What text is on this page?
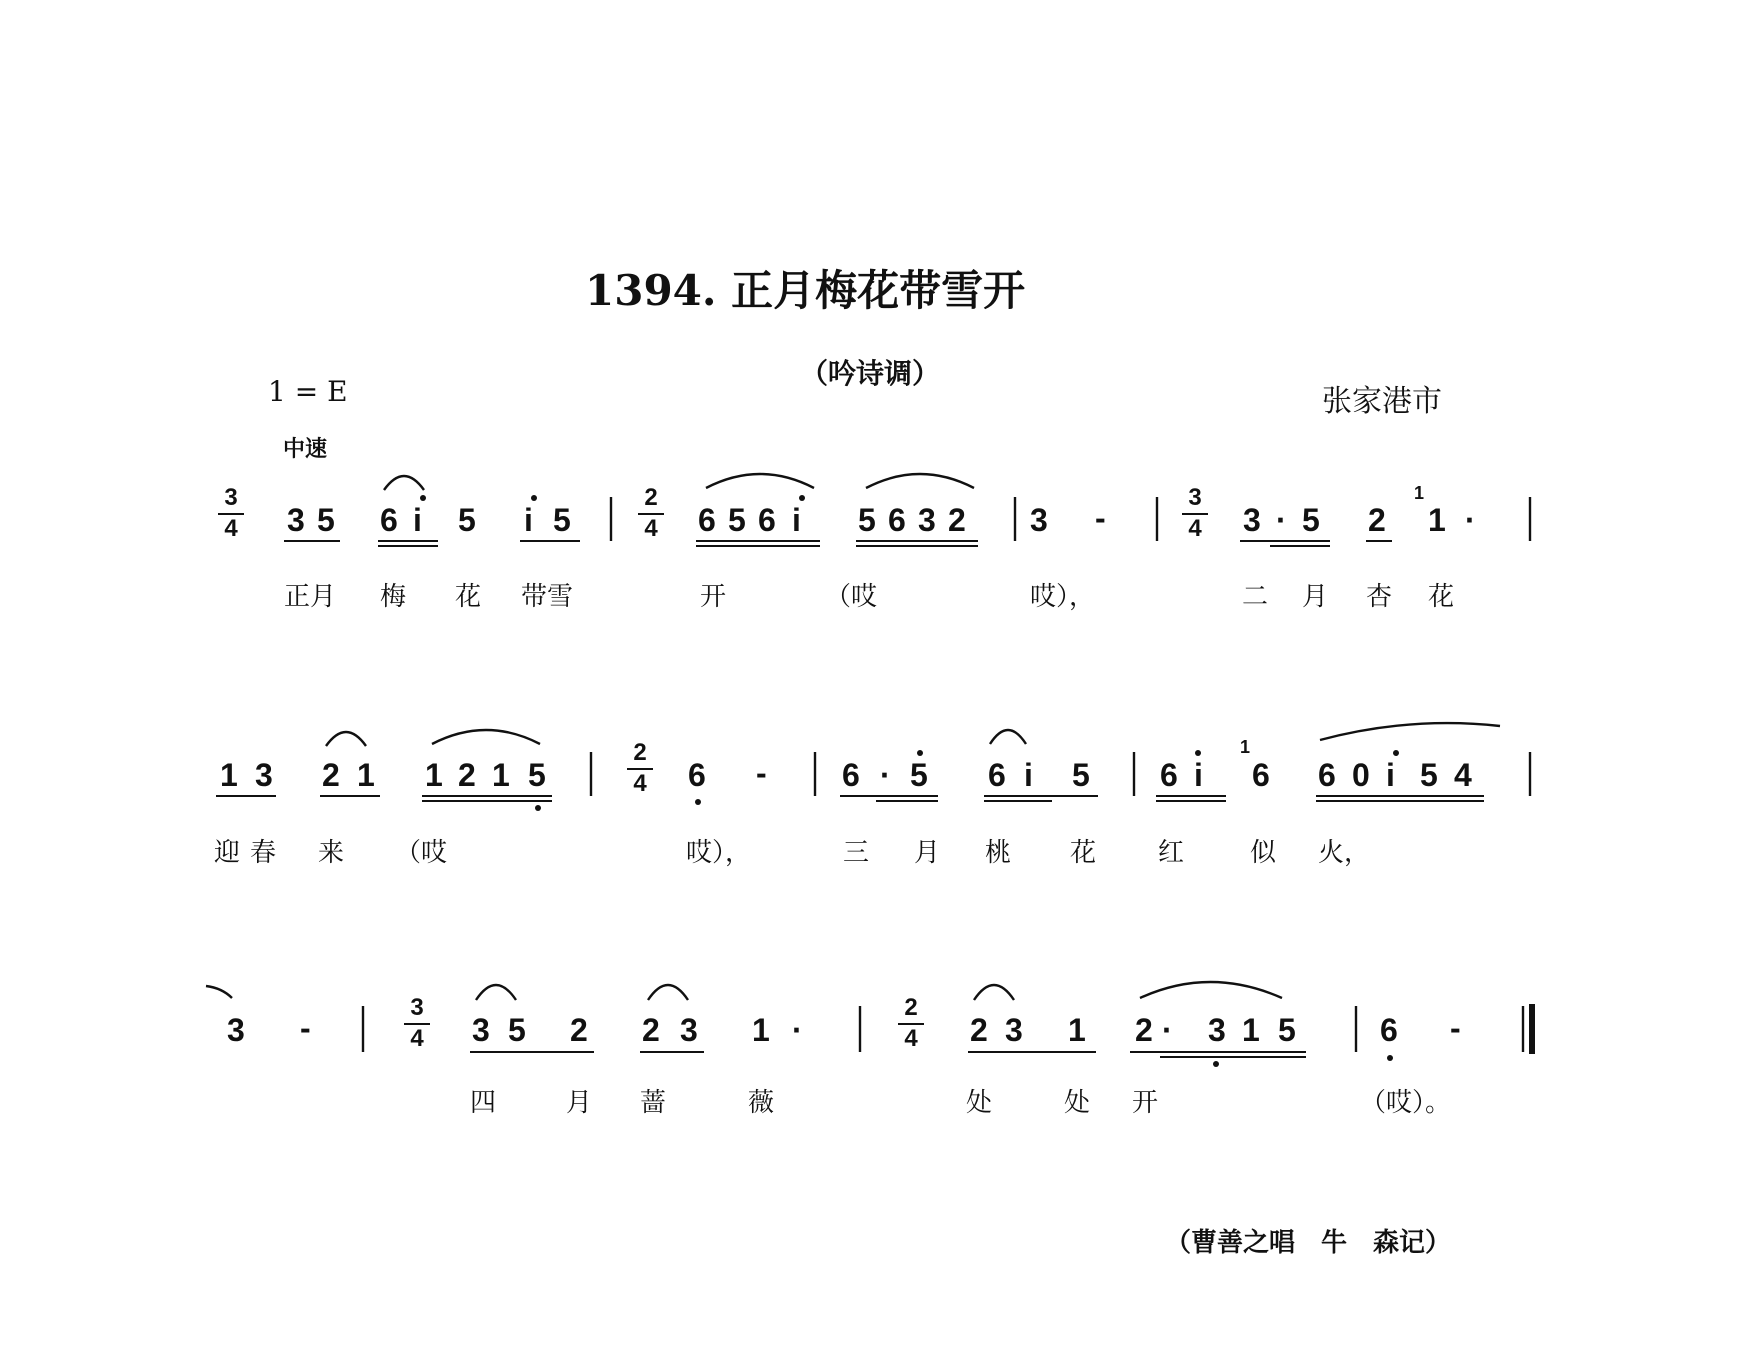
1394. 正月梅花带雪开
（吟诗调）
1 = E
中速
张家港市
3
4 3 5 6 i 5 i 5
2
4 6 5 6 i 5 6 3 2 3 -
3
4 3 · 5 2
1
1 ·
正月 梅 花 带雪	开	（哎	哎），	二 月 杏 花
1 3 2 1 1 2 1 5
2
4 6 - 6 · 5 6 i 5 6 i
1
6 6 0 i 5 4
迎 春 来 （哎	哎），	三 月 桃 花 红	似 火，
3 -
3
4 3 5 2 2 3 1 ·
2
4 2 3 1 2 · 3 1 5	6 -
四	月 蔷	薇	处	处 开	（哎）。
（曹善之唱　牛　森记）
